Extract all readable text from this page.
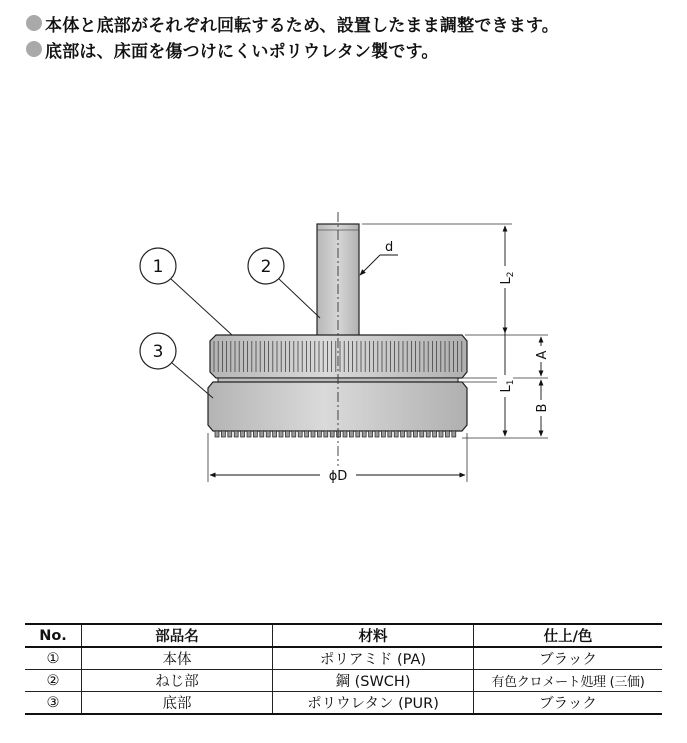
本体と底部がそれぞれ回転するため、設置したまま調整できます。
底部は、床面を傷つけにくいポリウレタン製です。
$L_2$
$L_1$
A
B
ϕD
d
1	2
3
No.	部品名	材料	仕上/色
①	本体	ポリアミド (PA)	ブラック
②	ねじ部	鋼 (SWCH)	有色クロメート処理 (三価)
③	底部	ポリウレタン (PUR)	ブラック
